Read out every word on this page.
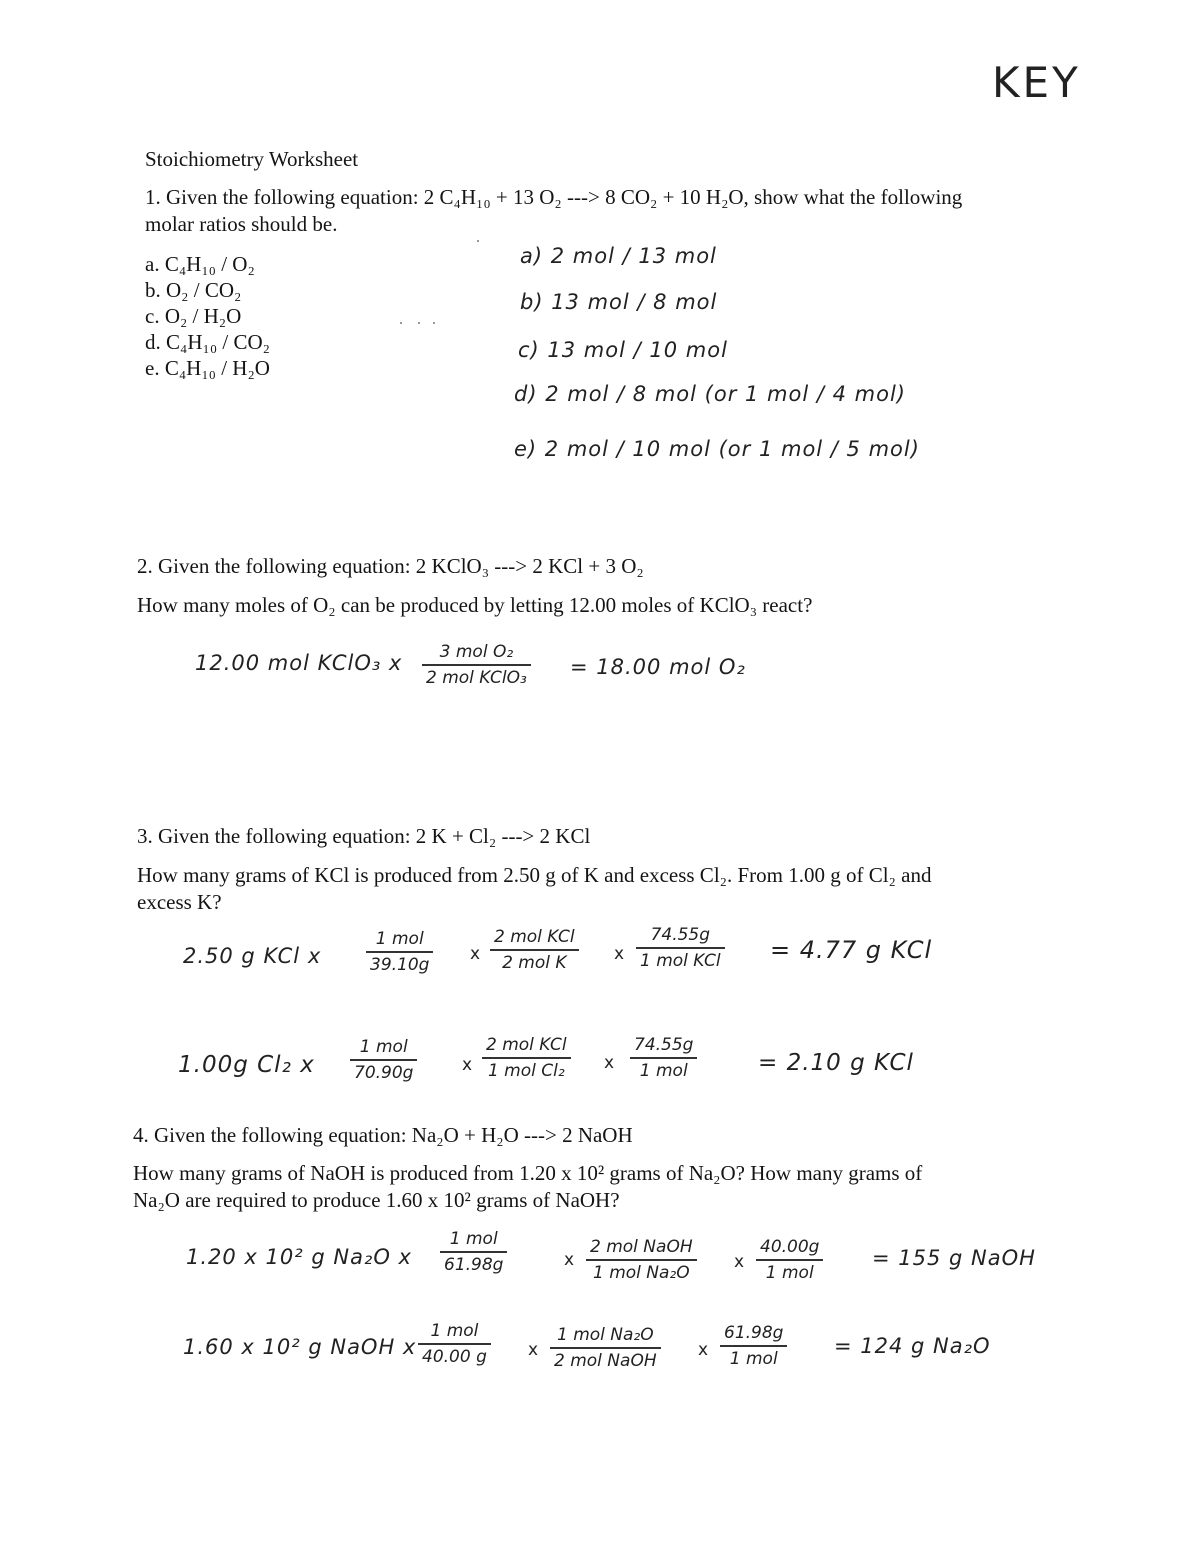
KEY
Stoichiometry Worksheet
1. Given the following equation: 2 C₄H₁₀ + 13 O₂ ---> 8 CO₂ + 10 H₂O, show what the following
molar ratios should be.
a. C₄H₁₀ / O₂
b. O₂ / CO₂
c. O₂ / H₂O
d. C₄H₁₀ / CO₂
e. C₄H₁₀ / H₂O
a) 2 mol / 13 mol
b) 13 mol / 8 mol
c) 13 mol / 10 mol
d) 2 mol / 8 mol (or 1 mol / 4 mol)
e) 2 mol / 10 mol (or 1 mol / 5 mol)
2. Given the following equation: 2 KClO₃ ---> 2 KCl + 3 O₂
How many moles of O₂ can be produced by letting 12.00 moles of KClO₃ react?
12.00 mol KClO₃ x 3 mol O₂
2 mol KClO₃ = 18.00 mol O₂
3. Given the following equation: 2 K + Cl₂ ---> 2 KCl
How many grams of KCl is produced from 2.50 g of K and excess Cl₂. From 1.00 g of Cl₂ and
excess K?
2.50 g KCl x
1 mol
39.10g
x
2 mol KCl
2 mol K	x
74.55g
1 mol KCl = 4.77 g KCl
1.00g Cl₂ x
1 mol
70.90g	x
2 mol KCl
1 mol Cl₂ x
74.55g
1 mol	= 2.10 g KCl
4. Given the following equation: Na₂O + H₂O ---> 2 NaOH
How many grams of NaOH is produced from 1.20 x 10² grams of Na₂O? How many grams of
Na₂O are required to produce 1.60 x 10² grams of NaOH?
1.20 x 10² g Na₂O x
1 mol
61.98g	x
2 mol NaOH
1 mol Na₂O
x
40.00g
1 mol
= 155 g NaOH
1.60 x 10² g NaOH x
1 mol
40.00 g x
1 mol Na₂O
2 mol NaOH
x
61.98g
1 mol
= 124 g Na₂O
